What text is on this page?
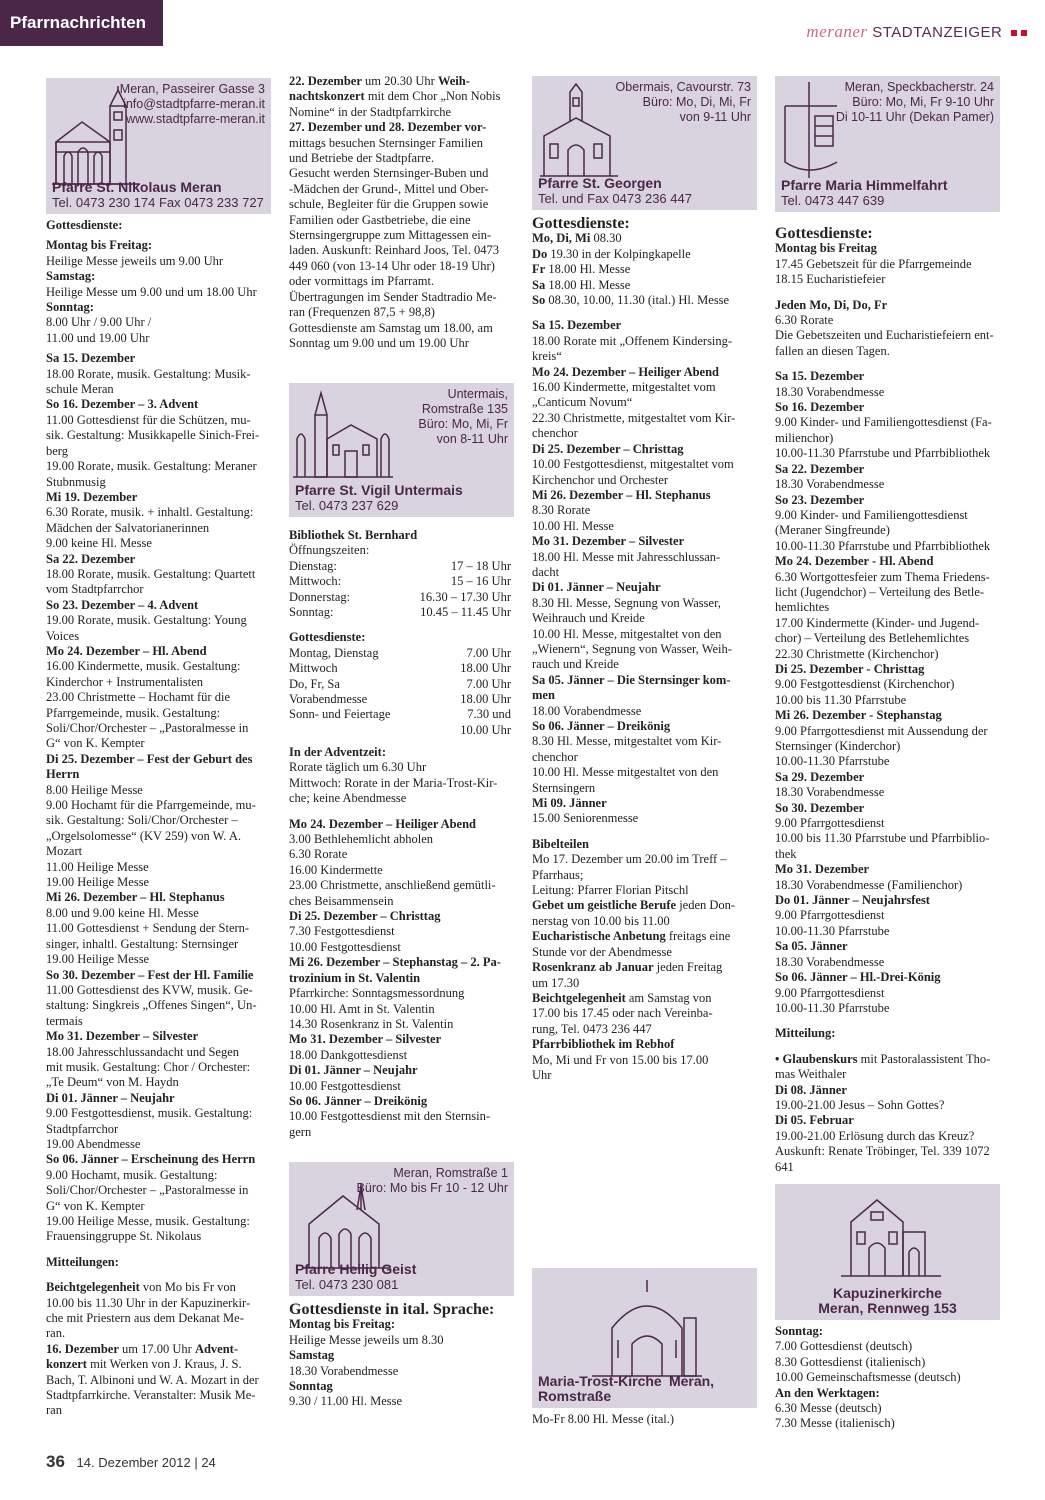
Pfarrnachrichten	meraner STADTANZEIGER
Meran, Passeirer Gasse 3
info@stadtpfarre-meran.it
www.stadtpfarre-meran.it
Pfarre St. Nikolaus Meran
Tel. 0473 230 174 Fax 0473 233 727

Gottesdienste:

Montag bis Freitag:

Heilige Messe jeweils um 9.00 Uhr

Samstag:

Heilige Messe um 9.00 und um 18.00 Uhr

Sonntag:

8.00 Uhr / 9.00 Uhr /

11.00 und 19.00 Uhr

Sa 15. Dezember

18.00 Rorate, musik. Gestaltung: Musik-

schule Meran

So 16. Dezember – 3. Advent

11.00 Gottesdienst für die Schützen, mu-

sik. Gestaltung: Musikkapelle Sinich-Frei-

berg

19.00 Rorate, musik. Gestaltung: Meraner

Stubnmusig

Mi 19. Dezember

6.30 Rorate, musik. + inhaltl. Gestaltung:

Mädchen der Salvatorianerinnen

9.00 keine Hl. Messe

Sa 22. Dezember

18.00 Rorate, musik. Gestaltung: Quartett

vom Stadtpfarrchor

So 23. Dezember – 4. Advent

19.00 Rorate, musik. Gestaltung: Young

Voices

Mo 24. Dezember – Hl. Abend

16.00 Kindermette, musik. Gestaltung:

Kinderchor + Instrumentalisten

23.00 Christmette – Hochamt für die

Pfarrgemeinde, musik. Gestaltung:

Soli/Chor/Orchester – „Pastoralmesse in

G“ von K. Kempter

Di 25. Dezember – Fest der Geburt des

Herrn

8.00 Heilige Messe

9.00 Hochamt für die Pfarrgemeinde, mu-

sik. Gestaltung: Soli/Chor/Orchester –

„Orgelsolomesse“ (KV 259) von W. A.

Mozart

11.00 Heilige Messe

19.00 Heilige Messe

Mi 26. Dezember – Hl. Stephanus

8.00 und 9.00 keine Hl. Messe

11.00 Gottesdienst + Sendung der Stern-

singer, inhaltl. Gestaltung: Sternsinger

19.00 Heilige Messe

So 30. Dezember – Fest der Hl. Familie

11.00 Gottesdienst des KVW, musik. Ge-

staltung: Singkreis „Offenes Singen“, Un-

termais

Mo 31. Dezember – Silvester

18.00 Jahresschlussandacht und Segen

mit musik. Gestaltung: Chor / Orchester:

„Te Deum“ von M. Haydn

Di 01. Jänner – Neujahr

9.00 Festgottesdienst, musik. Gestaltung:

Stadtpfarrchor

19.00 Abendmesse

So 06. Jänner – Erscheinung des Herrn

9.00 Hochamt, musik. Gestaltung:

Soli/Chor/Orchester – „Pastoralmesse in

G“ von K. Kempter

19.00 Heilige Messe, musik. Gestaltung:

Frauensinggruppe St. Nikolaus

Mitteilungen:

Beichtgelegenheit von Mo bis Fr von

10.00 bis 11.30 Uhr in der Kapuzinerkir-

che mit Priestern aus dem Dekanat Me-

ran.

16. Dezember um 17.00 Uhr Advent-

konzert mit Werken von J. Kraus, J. S.

Bach, T. Albinoni und W. A. Mozart in der

Stadtpfarrkirche. Veranstalter: Musik Me-

ran

22. Dezember um 20.30 Uhr Weih-

nachtskonzert mit dem Chor „Non Nobis

Nomine“ in der Stadtpfarrkirche

27. Dezember und 28. Dezember vor-

mittags besuchen Sternsinger Familien

und Betriebe der Stadtpfarre.

Gesucht werden Sternsinger-Buben und

-Mädchen der Grund-, Mittel und Ober-

schule, Begleiter für die Gruppen sowie

Familien oder Gastbetriebe, die eine

Sternsingergruppe zum Mittagessen ein-

laden. Auskunft: Reinhard Joos, Tel. 0473

449 060 (von 13-14 Uhr oder 18-19 Uhr)

oder vormittags im Pfarramt.

Übertragungen im Sender Stadtradio Me-

ran (Frequenzen 87,5 + 98,8)

Gottesdienste am Samstag um 18.00, am

Sonntag um 9.00 und um 19.00 Uhr

Untermais,
Romstraße 135
Büro: Mo, Mi, Fr
von 8-11 Uhr
Pfarre St. Vigil Untermais
Tel. 0473 237 629

Bibliothek St. Bernhard

Öffnungszeiten:

Dienstag:	17 – 18 Uhr
Mittwoch:	15 – 16 Uhr
Donnerstag:	16.30 – 17.30 Uhr
Sonntag:	10.45 – 11.45 Uhr

Gottesdienste:

Montag, Dienstag	7.00 Uhr
Mittwoch	18.00 Uhr
Do, Fr, Sa	7.00 Uhr
Vorabendmesse	18.00 Uhr
Sonn- und Feiertage	7.30 und
10.00 Uhr

In der Adventzeit:

Rorate täglich um 6.30 Uhr

Mittwoch: Rorate in der Maria-Trost-Kir-

che; keine Abendmesse

Mo 24. Dezember – Heiliger Abend

3.00 Bethlehemlicht abholen

6.30 Rorate

16.00 Kindermette

23.00 Christmette, anschließend gemütli-

ches Beisammensein

Di 25. Dezember – Christtag

7.30 Festgottesdienst

10.00 Festgottesdienst

Mi 26. Dezember – Stephanstag – 2. Pa-

trozinium in St. Valentin

Pfarrkirche: Sonntagsmessordnung

10.00 Hl. Amt in St. Valentin

14.30 Rosenkranz in St. Valentin

Mo 31. Dezember – Silvester

18.00 Dankgottesdienst

Di 01. Jänner – Neujahr

10.00 Festgottesdienst

So 06. Jänner – Dreikönig

10.00 Festgottesdienst mit den Sternsin-

gern

Meran, Romstraße 1
Büro: Mo bis Fr 10 - 12 Uhr
Pfarre Heilig Geist
Tel. 0473 230 081

Gottesdienste in ital. Sprache:

Montag bis Freitag:

Heilige Messe jeweils um 8.30

Samstag

18.30 Vorabendmesse

Sonntag

9.30 / 11.00 Hl. Messe

Obermais, Cavourstr. 73
Büro: Mo, Di, Mi, Fr
von 9-11 Uhr
Pfarre St. Georgen
Tel. und Fax 0473 236 447

Gottesdienste:

Mo, Di, Mi 08.30

Do 19.30 in der Kolpingkapelle

Fr 18.00 Hl. Messe

Sa 18.00 Hl. Messe

So 08.30, 10.00, 11.30 (ital.) Hl. Messe

Sa 15. Dezember

18.00 Rorate mit „Offenem Kindersing-

kreis“

Mo 24. Dezember – Heiliger Abend

16.00 Kindermette, mitgestaltet vom

„Canticum Novum“

22.30 Christmette, mitgestaltet vom Kir-

chenchor

Di 25. Dezember – Christtag

10.00 Festgottesdienst, mitgestaltet vom

Kirchenchor und Orchester

Mi 26. Dezember – Hl. Stephanus

8.30 Rorate

10.00 Hl. Messe

Mo 31. Dezember – Silvester

18.00 Hl. Messe mit Jahresschlussan-

dacht

Di 01. Jänner – Neujahr

8.30 Hl. Messe, Segnung von Wasser,

Weihrauch und Kreide

10.00 Hl. Messe, mitgestaltet von den

„Wienern“, Segnung von Wasser, Weih-

rauch und Kreide

Sa 05. Jänner – Die Sternsinger kom-

men

18.00 Vorabendmesse

So 06. Jänner – Dreikönig

8.30 Hl. Messe, mitgestaltet vom Kir-

chenchor

10.00 Hl. Messe mitgestaltet von den

Sternsingern

Mi 09. Jänner

15.00 Seniorenmesse

Bibelteilen

Mo 17. Dezember um 20.00 im Treff –

Pfarrhaus;

Leitung: Pfarrer Florian Pitschl

Gebet um geistliche Berufe jeden Don-

nerstag von 10.00 bis 11.00

Eucharistische Anbetung freitags eine

Stunde vor der Abendmesse

Rosenkranz ab Januar jeden Freitag

um 17.30

Beichtgelegenheit am Samstag von

17.00 bis 17.45 oder nach Vereinba-

rung, Tel. 0473 236 447

Pfarrbibliothek im Rebhof

Mo, Mi und Fr von 15.00 bis 17.00

Uhr

Maria-Trost-Kirche Meran, Romstraße
Mo-Fr 8.00 Hl. Messe (ital.)
Meran, Speckbacherstr. 24
Büro: Mo, Mi, Fr 9-10 Uhr
Di 10-11 Uhr (Dekan Pamer)
Pfarre Maria Himmelfahrt
Tel. 0473 447 639

Gottesdienste:

Montag bis Freitag

17.45 Gebetszeit für die Pfarrgemeinde

18.15 Eucharistiefeier

Jeden Mo, Di, Do, Fr

6.30 Rorate

Die Gebetszeiten und Eucharistiefeiern ent-

fallen an diesen Tagen.

Sa 15. Dezember

18.30 Vorabendmesse

So 16. Dezember

9.00 Kinder- und Familiengottesdienst (Fa-

milienchor)

10.00-11.30 Pfarrstube und Pfarrbibliothek

Sa 22. Dezember

18.30 Vorabendmesse

So 23. Dezember

9.00 Kinder- und Familiengottesdienst

(Meraner Singfreunde)

10.00-11.30 Pfarrstube und Pfarrbibliothek

Mo 24. Dezember - Hl. Abend

6.30 Wortgottesfeier zum Thema Friedens-

licht (Jugendchor) – Verteilung des Betle-

hemlichtes

17.00 Kindermette (Kinder- und Jugend-

chor) – Verteilung des Betlehemlichtes

22.30 Christmette (Kirchenchor)

Di 25. Dezember - Christtag

9.00 Festgottesdienst (Kirchenchor)

10.00 bis 11.30 Pfarrstube

Mi 26. Dezember - Stephanstag

9.00 Pfarrgottesdienst mit Aussendung der

Sternsinger (Kinderchor)

10.00-11.30 Pfarrstube

Sa 29. Dezember

18.30 Vorabendmesse

So 30. Dezember

9.00 Pfarrgottesdienst

10.00 bis 11.30 Pfarrstube und Pfarrbiblio-

thek

Mo 31. Dezember

18.30 Vorabendmesse (Familienchor)

Do 01. Jänner – Neujahrsfest

9.00 Pfarrgottesdienst

10.00-11.30 Pfarrstube

Sa 05. Jänner

18.30 Vorabendmesse

So 06. Jänner – Hl.-Drei-König

9.00 Pfarrgottesdienst

10.00-11.30 Pfarrstube

Mitteilung:

• Glaubenskurs mit Pastoralassistent Tho-

mas Weithaler

Di 08. Jänner

19.00-21.00 Jesus – Sohn Gottes?

Di 05. Februar

19.00-21.00 Erlösung durch das Kreuz?

Auskunft: Renate Tröbinger, Tel. 339 1072

641

Kapuzinerkirche
Meran, Rennweg 153

Sonntag:

7.00 Gottesdienst (deutsch)

8.30 Gottesdienst (italienisch)

10.00 Gemeinschaftsmesse (deutsch)

An den Werktagen:

6.30 Messe (deutsch)

7.30 Messe (italienisch)

36 14. Dezember 2012 | 24
